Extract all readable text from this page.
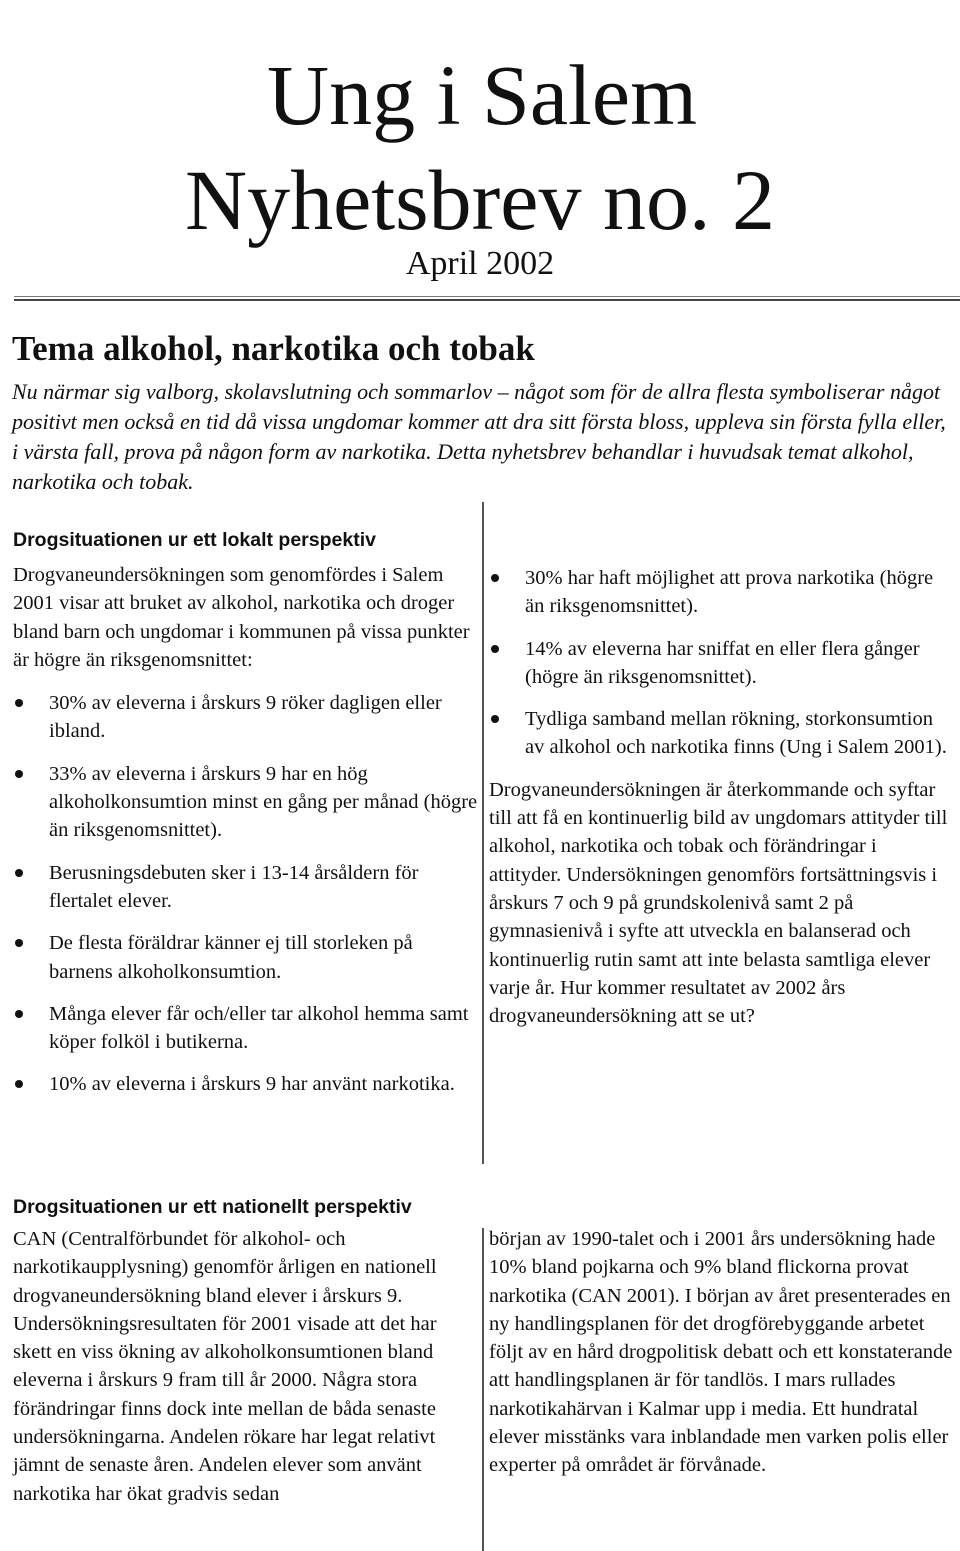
Ung i Salem
Nyhetsbrev no. 2
April 2002
Tema alkohol, narkotika och tobak

Nu närmar sig valborg, skolavslutning och sommarlov – något som för de allra flesta symboliserar något positivt men också en tid då vissa ungdomar kommer att dra sitt första bloss, uppleva sin första fylla eller, i värsta fall, prova på någon form av narkotika. Detta nyhetsbrev behandlar i huvudsak temat alkohol, narkotika och tobak.

Drogsituationen ur ett lokalt perspektiv

Drogvaneundersökningen som genomfördes i Salem 2001 visar att bruket av alkohol, narkotika och droger bland barn och ungdomar i kommunen på vissa punkter är högre än riksgenomsnittet:

30% av eleverna i årskurs 9 röker dagligen eller ibland.
33% av eleverna i årskurs 9 har en hög alkoholkonsumtion minst en gång per månad (högre än riksgenomsnittet).
Berusningsdebuten sker i 13-14 årsåldern för flertalet elever.
De flesta föräldrar känner ej till storleken på barnens alkoholkonsumtion.
Många elever får och/eller tar alkohol hemma samt köper folköl i butikerna.
10% av eleverna i årskurs 9 har använt narkotika.
30% har haft möjlighet att prova narkotika (högre än riksgenomsnittet).
14% av eleverna har sniffat en eller flera gånger (högre än riksgenomsnittet).
Tydliga samband mellan rökning, storkonsumtion av alkohol och narkotika finns (Ung i Salem 2001).

Drogvaneundersökningen är återkommande och syftar till att få en kontinuerlig bild av ungdomars attityder till alkohol, narkotika och tobak och förändringar i attityder. Undersökningen genomförs fortsättningsvis i årskurs 7 och 9 på grundskolenivå samt 2 på gymnasienivå i syfte att utveckla en balanserad och kontinuerlig rutin samt att inte belasta samtliga elever varje år. Hur kommer resultatet av 2002 års drogvaneundersökning att se ut?

Drogsituationen ur ett nationellt perspektiv

CAN (Centralförbundet för alkohol- och narkotikaupplysning) genomför årligen en nationell drogvaneundersökning bland elever i årskurs 9. Undersökningsresultaten för 2001 visade att det har skett en viss ökning av alkoholkonsumtionen bland eleverna i årskurs 9 fram till år 2000. Några stora förändringar finns dock inte mellan de båda senaste undersökningarna. Andelen rökare har legat relativt jämnt de senaste åren. Andelen elever som använt narkotika har ökat gradvis sedan

början av 1990-talet och i 2001 års undersökning hade 10% bland pojkarna och 9% bland flickorna provat narkotika (CAN 2001). I början av året presenterades en ny handlingsplanen för det drogförebyggande arbetet följt av en hård drogpolitisk debatt och ett konstaterande att handlingsplanen är för tandlös. I mars rullades narkotikahärvan i Kalmar upp i media. Ett hundratal elever misstänks vara inblandade men varken polis eller experter på området är förvånade.
